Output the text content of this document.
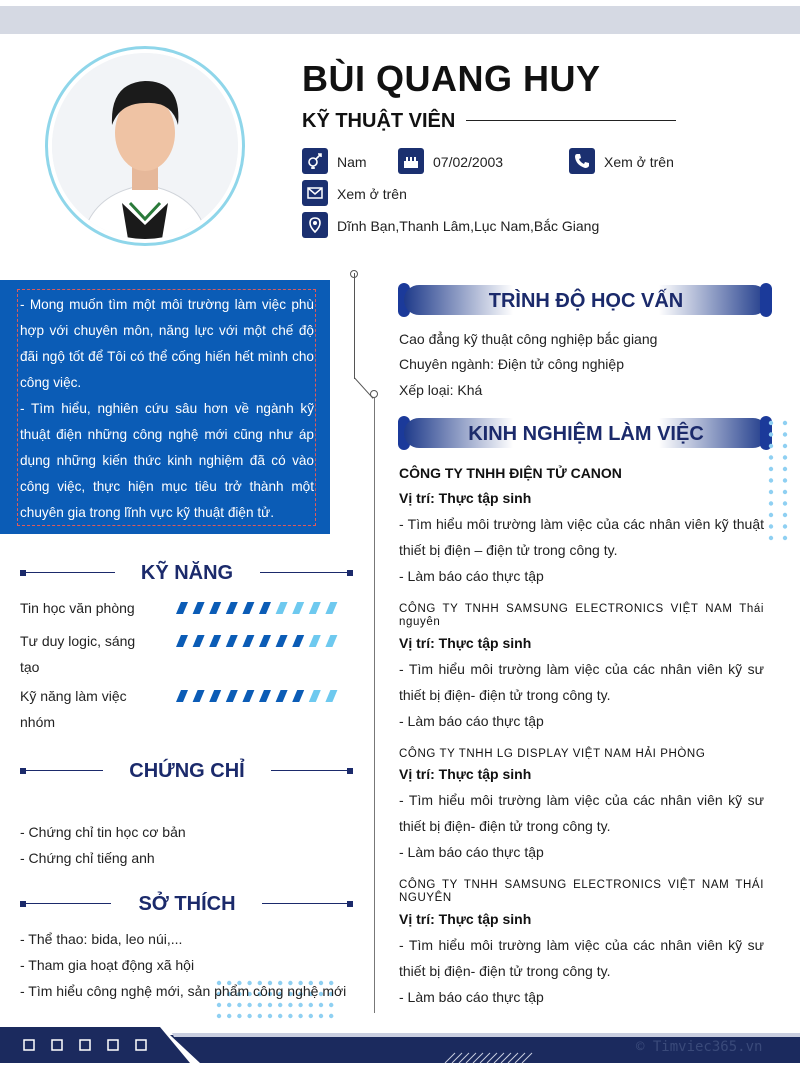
BÙI QUANG HUY
KỸ THUẬT VIÊN
Nam	07/02/2003	Xem ở trên
Xem ở trên
Dĩnh Bạn,Thanh Lâm,Lục Nam,Bắc Giang

- Mong muốn tìm một môi trường làm việc phù hợp với chuyên môn, năng lực với một chế độ đãi ngộ tốt để Tôi có thể cống hiến hết mình cho công việc.

- Tìm hiểu, nghiên cứu sâu hơn về ngành kỹ thuật điện những công nghệ mới cũng như áp dụng những kiến thức kinh nghiệm đã có vào công việc, thực hiện mục tiêu trở thành một chuyên gia trong lĩnh vực kỹ thuật điện tử.

KỸ NĂNG
Tin học văn phòng
Tư duy logic, sáng tạo
Kỹ năng làm việc nhóm
CHỨNG CHỈ
- Chứng chỉ tin học cơ bản
- Chứng chỉ tiếng anh
SỞ THÍCH
- Thể thao: bida, leo núi,...
- Tham gia hoạt động xã hội
- Tìm hiểu công nghệ mới, sản phẩm công nghệ mới
TRÌNH ĐỘ HỌC VẤN
Cao đẳng kỹ thuật công nghiệp bắc giang
Chuyên ngành: Điện tử công nghiệp
Xếp loại: Khá
KINH NGHIỆM LÀM VIỆC
CÔNG TY TNHH ĐIỆN TỬ CANON
Vị trí: Thực tập sinh
- Tìm hiểu môi trường làm việc của các nhân viên kỹ thuật thiết bị điện – điện tử trong công ty.
- Làm báo cáo thực tập
CÔNG TY TNHH SAMSUNG ELECTRONICS VIỆT NAM Thái nguyên
Vị trí: Thực tập sinh
- Tìm hiểu môi trường làm việc của các nhân viên kỹ sư thiết bị điện- điện tử trong công ty.
- Làm báo cáo thực tập
CÔNG TY TNHH LG DISPLAY VIỆT NAM HẢI PHÒNG
Vị trí: Thực tập sinh
- Tìm hiểu môi trường làm việc của các nhân viên kỹ sư thiết bị điện- điện tử trong công ty.
- Làm báo cáo thực tập
CÔNG TY TNHH SAMSUNG ELECTRONICS VIỆT NAM THÁI NGUYÊN
Vị trí: Thực tập sinh
- Tìm hiểu môi trường làm việc của các nhân viên kỹ sư thiết bị điện- điện tử trong công ty.
- Làm báo cáo thực tập
© Timviec365.vn
